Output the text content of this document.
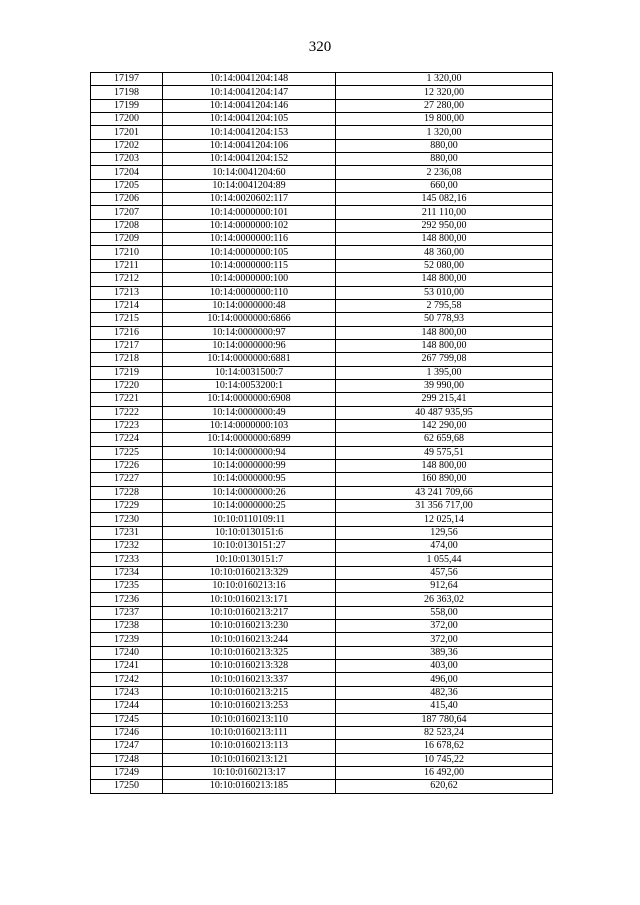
320
17197	10:14:0041204:148	1 320,00
17198	10:14:0041204:147	12 320,00
17199	10:14:0041204:146	27 280,00
17200	10:14:0041204:105	19 800,00
17201	10:14:0041204:153	1 320,00
17202	10:14:0041204:106	880,00
17203	10:14:0041204:152	880,00
17204	10:14:0041204:60	2 236,08
17205	10:14:0041204:89	660,00
17206	10:14:0020602:117	145 082,16
17207	10:14:0000000:101	211 110,00
17208	10:14:0000000:102	292 950,00
17209	10:14:0000000:116	148 800,00
17210	10:14:0000000:105	48 360,00
17211	10:14:0000000:115	52 080,00
17212	10:14:0000000:100	148 800,00
17213	10:14:0000000:110	53 010,00
17214	10:14:0000000:48	2 795,58
17215	10:14:0000000:6866	50 778,93
17216	10:14:0000000:97	148 800,00
17217	10:14:0000000:96	148 800,00
17218	10:14:0000000:6881	267 799,08
17219	10:14:0031500:7	1 395,00
17220	10:14:0053200:1	39 990,00
17221	10:14:0000000:6908	299 215,41
17222	10:14:0000000:49	40 487 935,95
17223	10:14:0000000:103	142 290,00
17224	10:14:0000000:6899	62 659,68
17225	10:14:0000000:94	49 575,51
17226	10:14:0000000:99	148 800,00
17227	10:14:0000000:95	160 890,00
17228	10:14:0000000:26	43 241 709,66
17229	10:14:0000000:25	31 356 717,00
17230	10:10:0110109:11	12 025,14
17231	10:10:0130151:6	129,56
17232	10:10:0130151:27	474,00
17233	10:10:0130151:7	1 055,44
17234	10:10:0160213:329	457,56
17235	10:10:0160213:16	912,64
17236	10:10:0160213:171	26 363,02
17237	10:10:0160213:217	558,00
17238	10:10:0160213:230	372,00
17239	10:10:0160213:244	372,00
17240	10:10:0160213:325	389,36
17241	10:10:0160213:328	403,00
17242	10:10:0160213:337	496,00
17243	10:10:0160213:215	482,36
17244	10:10:0160213:253	415,40
17245	10:10:0160213:110	187 780,64
17246	10:10:0160213:111	82 523,24
17247	10:10:0160213:113	16 678,62
17248	10:10:0160213:121	10 745,22
17249	10:10:0160213:17	16 492,00
17250	10:10:0160213:185	620,62
